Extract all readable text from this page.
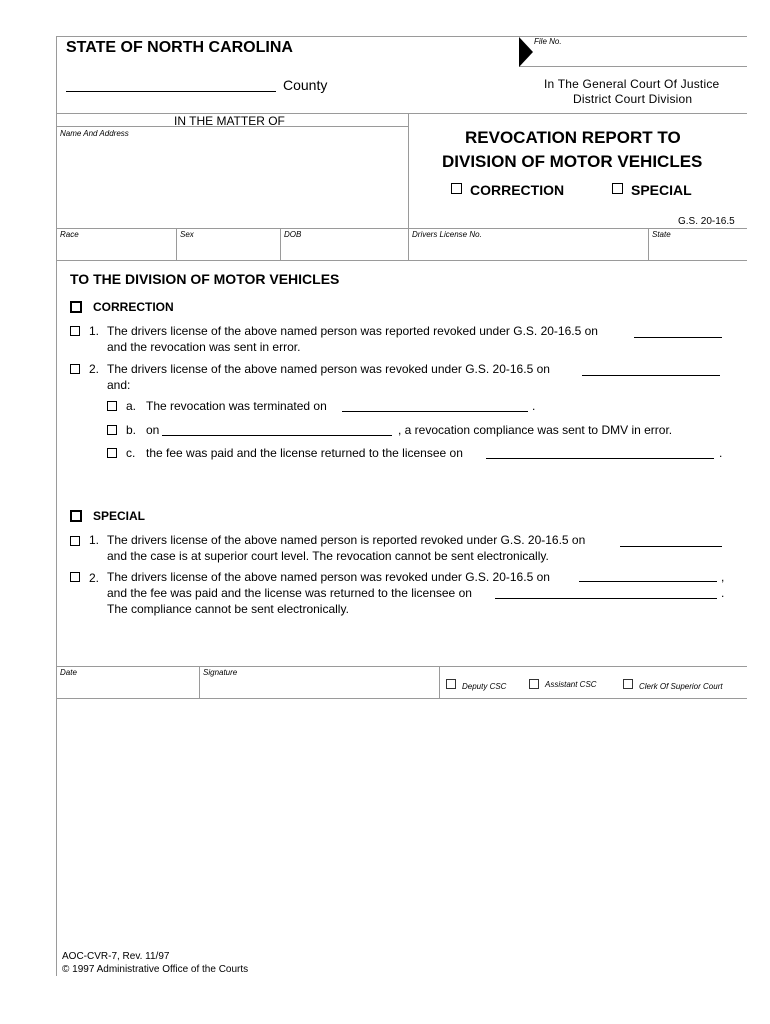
STATE OF NORTH CAROLINA
County
File No.
In The General Court Of Justice
District Court Division
IN THE MATTER OF
Name And Address	REVOCATION REPORT TO
DIVISION OF MOTOR VEHICLES
CORRECTION	SPECIAL
G.S. 20-16.5
Race	Sex	DOB	Drivers License No.	State
TO THE DIVISION OF MOTOR VEHICLES
CORRECTION
1. The drivers license of the above named person was reported revoked under G.S. 20-16.5 on
and the revocation was sent in error.
2. The drivers license of the above named person was revoked under G.S. 20-16.5 on
and:
a. The revocation was terminated on	.
b. on	, a revocation compliance was sent to DMV in error.
c. the fee was paid and the license returned to the licensee on	.
SPECIAL
1. The drivers license of the above named person is reported revoked under G.S. 20-16.5 on
and the case is at superior court level. The revocation cannot be sent electronically.
2. The drivers license of the above named person was revoked under G.S. 20-16.5 on	,
and the fee was paid and the license was returned to the licensee on	.
The compliance cannot be sent electronically.
Date	Signature
Deputy CSC	Assistant CSC	Clerk Of Superior Court
AOC-CVR-7, Rev. 11/97
© 1997 Administrative Office of the Courts
